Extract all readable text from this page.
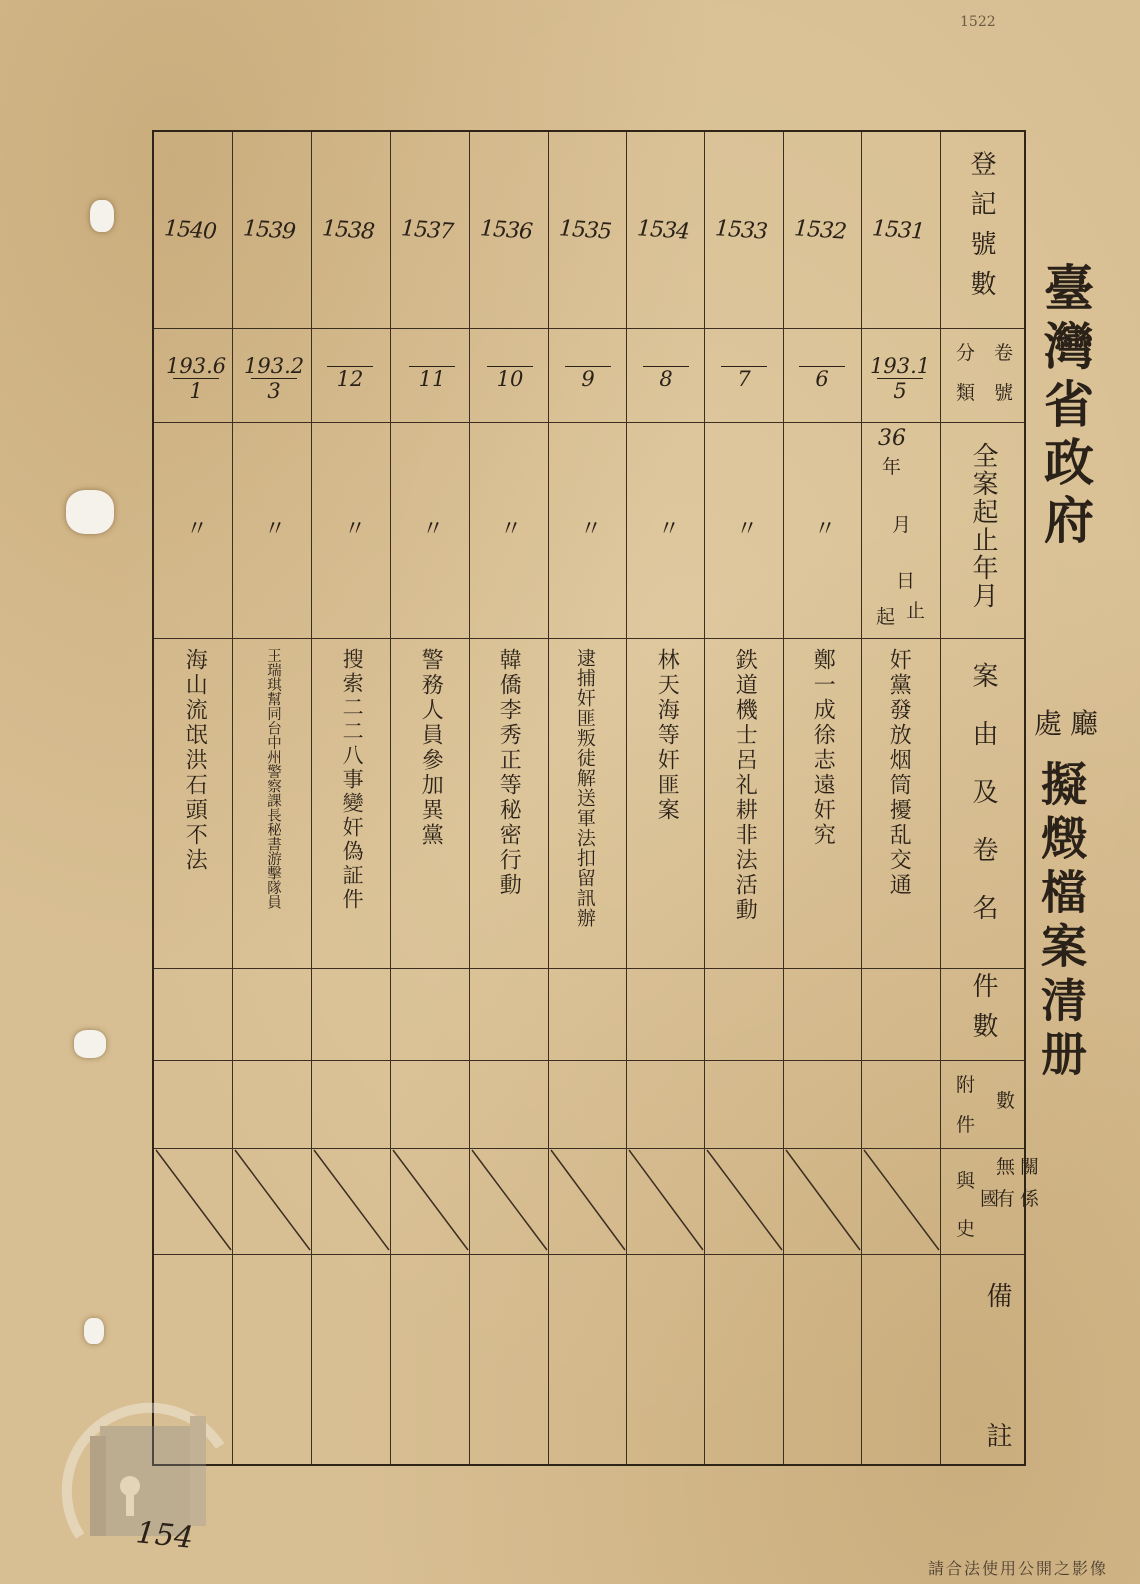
1522
臺灣省政府
廳
處
擬燬檔案清册
登記號數
卷
號
分
類
全案起止年月
案由及卷名
件數
數
附
件
無 關
有 係
與
國
史
備
註
1531
193.1
5
36
年
月
日
起 止
奸黨發放烟筒擾乱交通
1532
6
〃
鄭一成徐志遠奸究
1533
7
〃
鉄道機士呂礼耕非法活動
1534
8
〃
林天海等奸匪案
1535
9
〃
逮捕奸匪叛徒解送軍法扣留訊辦
1536
10
〃
韓僑李秀正等秘密行動
1537
11
〃
警務人員參加異黨
1538
12
〃
搜索二二八事變奸偽証件
1539
193.2
3
〃
王瑞琪幫同台中州警察課長秘書游擊隊員
1540
193.6
1
〃
海山流氓洪石頭不法
154
請合法使用公開之影像
